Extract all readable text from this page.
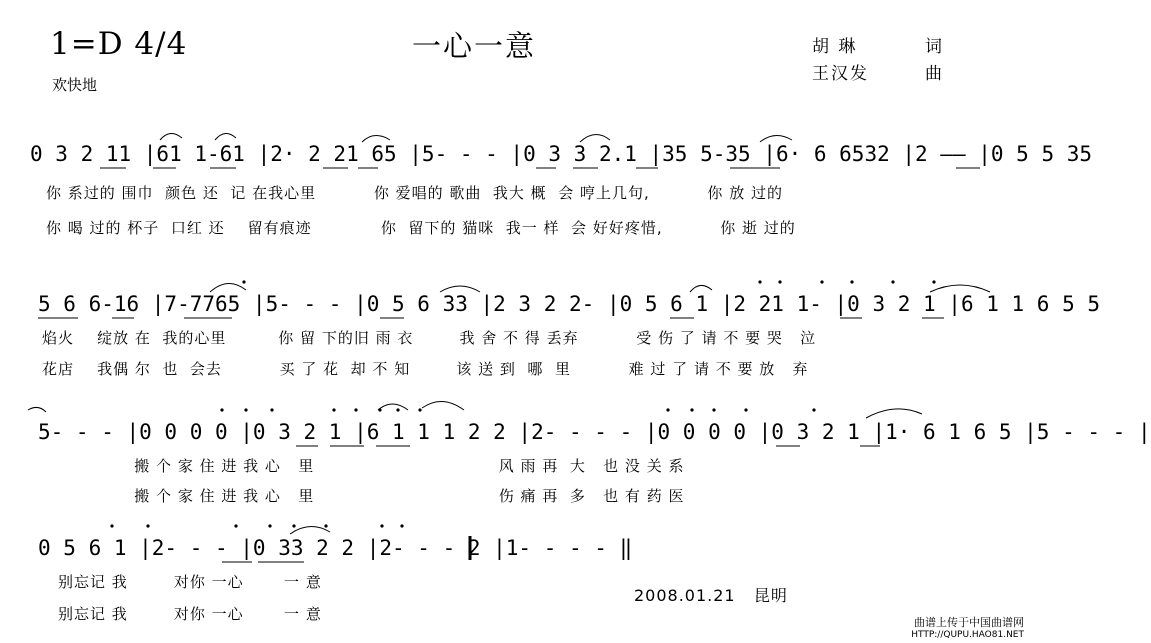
1=D 4/4
欢快地
一心一意	胡 琳	词
王汉发	曲
0 3 2 11 |61 1-61 |2· 2 21 65 |5- - - |0 3 3 2.1 |35 5-35 |6· 6 6532 |2 —— |0 5 5 35
你 系过的 围巾  颜色 还  记 在我心里          你 爱唱的 歌曲  我大 概  会 哼上几句,          你 放 过的
你 喝 过的 杯子  口红 还    留有痕迹            你  留下的 猫咪  我一 样  会 好好疼惜,          你 逝 过的
5 6 6-16 |7-7765 |5- - - |0 5 6 33 |2 3 2 2- |0 5 6 1 |2 21 1- |0 3 2 1 |6 1 1 6 5 5
焰火    绽放 在  我的心里         你 留 下的旧 雨 衣        我 舍 不 得 丢弃          受 伤 了 请 不 要 哭   泣
花店    我偶 尔  也  会去          买 了 花  却 不 知        该 送 到  哪  里          难 过 了 请 不 要 放   弃
5- - - |0 0 0 0 |0 3 2 1 |6 1 1 1 2 2 |2- - - - |0 0 0 0 |0 3 2 1 |1· 6 1 6 5 |5 - - - |
搬 个 家 住 进 我 心   里                                风 雨 再  大   也 没 关 系
搬 个 家 住 进 我 心   里                                伤 痛 再  多   也 有 药 医
0 5 6 1 |2- - - |0 33 2 2 |2- - - 2 |1- - - - ‖
别忘记 我        对你 一心       一 意
别忘记 我        对你 一心       一 意
2008.01.21 昆明
曲谱上传于中国曲谱网
HTTP://QUPU.HAO81.NET
